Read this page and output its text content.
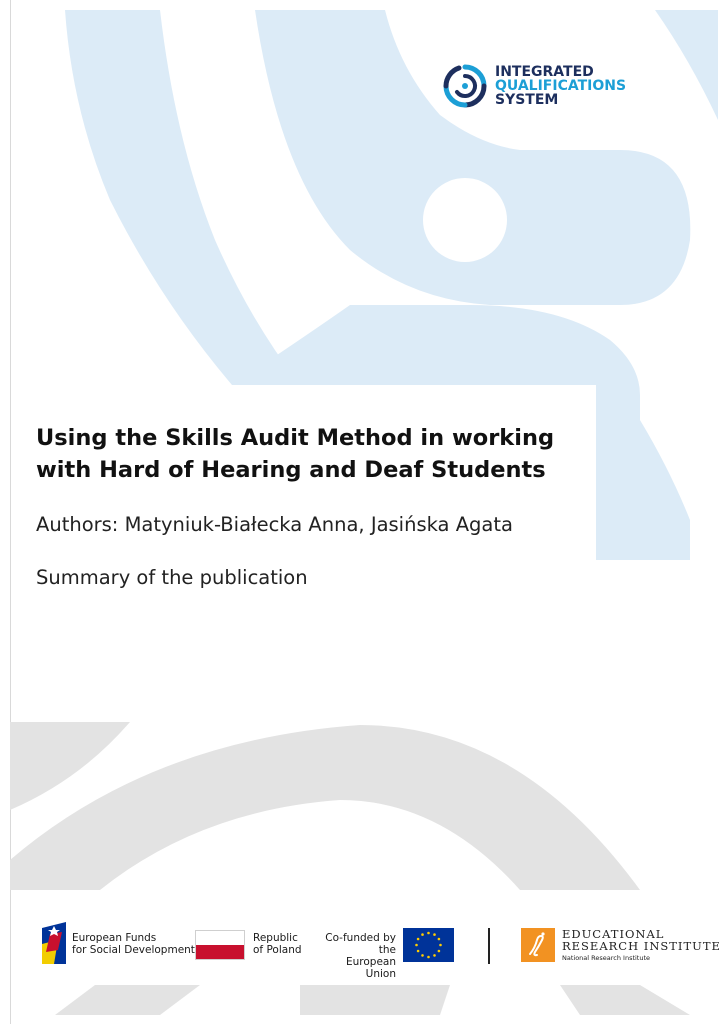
INTEGRATED
QUALIFICATIONS
SYSTEM
Using the Skills Audit Method in working with Hard of Hearing and Deaf Students
Authors: Matyniuk-Białecka Anna, Jasińska Agata
Summary of the publication
European Funds
for Social Development
Republic
of Poland
Co-funded by the
European Union
EDUCATIONAL
RESEARCH INSTITUTE
National Research Institute
